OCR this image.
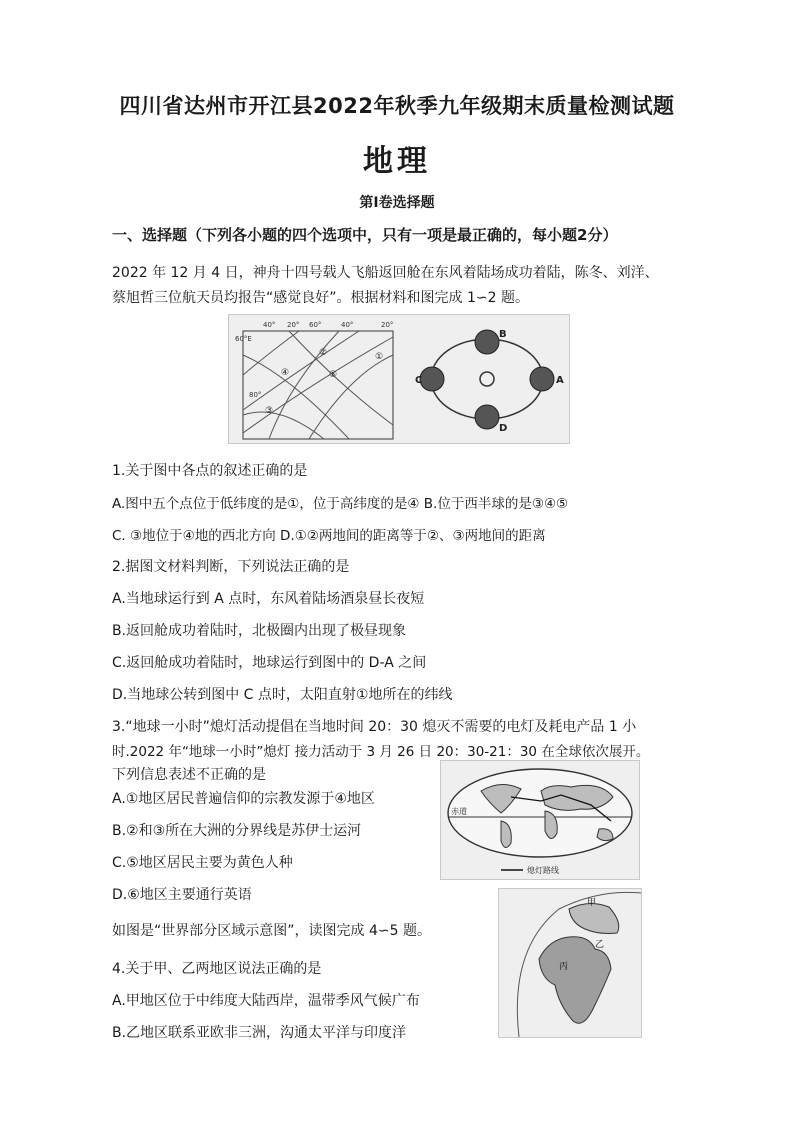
四川省达州市开江县2022年秋季九年级期末质量检测试题
地理
第Ⅰ卷选择题
一、选择题（下列各小题的四个选项中，只有一项是最正确的，每小题2分）
2022 年 12 月 4 日，神舟十四号载人飞船返回舱在东风着陆场成功着陆，陈冬、刘洋、
蔡旭哲三位航天员均报告“感觉良好”。根据材料和图完成 1∽2 题。
40° 20° 60°	40°	20°
60°E
80°
①
②
③
④	⑤
B
C	A
D
1.关于图中各点的叙述正确的是
A.图中五个点位于低纬度的是①，位于高纬度的是④ B.位于西半球的是③④⑤
C. ③地位于④地的西北方向 D.①②两地间的距离等于②、③两地间的距离
2.据图文材料判断，下列说法正确的是
A.当地球运行到 A 点时，东风着陆场酒泉昼长夜短
B.返回舱成功着陆时，北极圈内出现了极昼现象
C.返回舱成功着陆时，地球运行到图中的 D-A 之间
D.当地球公转到图中 C 点时，太阳直射①地所在的纬线
3.“地球一小时”熄灯活动提倡在当地时间 20：30 熄灭不需要的电灯及耗电产品 1 小
时.2022 年“地球一小时”熄灯 接力活动于 3 月 26 日 20：30-21：30 在全球依次展开。
下列信息表述不正确的是
A.①地区居民普遍信仰的宗教发源于④地区
B.②和③所在大洲的分界线是苏伊士运河
C.⑤地区居民主要为黄色人种
D.⑥地区主要通行英语
赤道
熄灯路线
如图是“世界部分区域示意图”，读图完成 4∽5 题。
甲
乙
丙
4.关于甲、乙两地区说法正确的是
A.甲地区位于中纬度大陆西岸，温带季风气候广布
B.乙地区联系亚欧非三洲，沟通太平洋与印度洋
